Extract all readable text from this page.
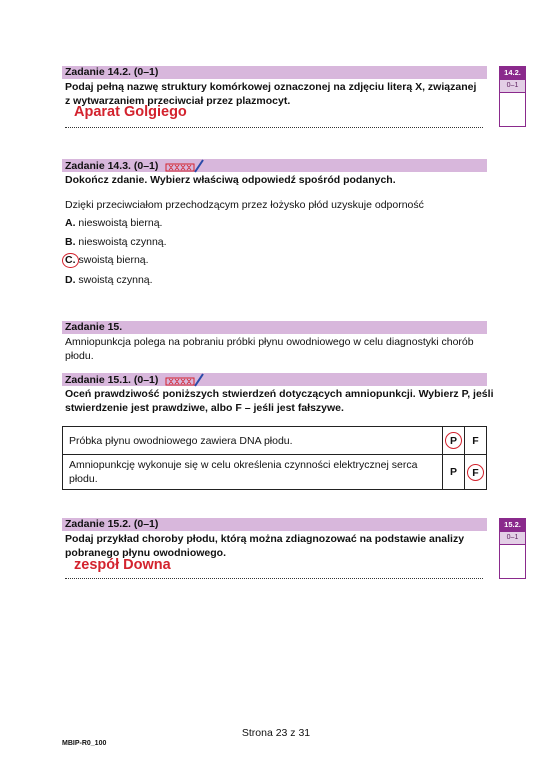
Zadanie 14.2. (0–1)
Podaj pełną nazwę struktury komórkowej oznaczonej na zdjęciu literą X, związanej
z wytwarzaniem przeciwciał przez plazmocyt.
Aparat Golgiego
14.2.
0–1
Zadanie 14.3. (0–1)
Dokończ zdanie. Wybierz właściwą odpowiedź spośród podanych.
Dzięki przeciwciałom przechodzącym przez łożysko płód uzyskuje odporność
A. nieswoistą bierną.
B. nieswoistą czynną.
C. swoistą bierną.
D. swoistą czynną.
Zadanie 15.
Amniopunkcja polega na pobraniu próbki płynu owodniowego w celu diagnostyki chorób
płodu.
Zadanie 15.1. (0–1)
Oceń prawdziwość poniższych stwierdzeń dotyczących amniopunkcji. Wybierz P, jeśli
stwierdzenie jest prawdziwe, albo F – jeśli jest fałszywe.
Próbka płynu owodniowego zawiera DNA płodu.	P	F
Amniopunkcję wykonuje się w celu określenia czynności elektrycznej serca płodu.	P	F
Zadanie 15.2. (0–1)
Podaj przykład choroby płodu, którą można zdiagnozować na podstawie analizy
pobranego płynu owodniowego.
zespół Downa
15.2.
0–1
Strona 23 z 31
MBIP-R0_100
